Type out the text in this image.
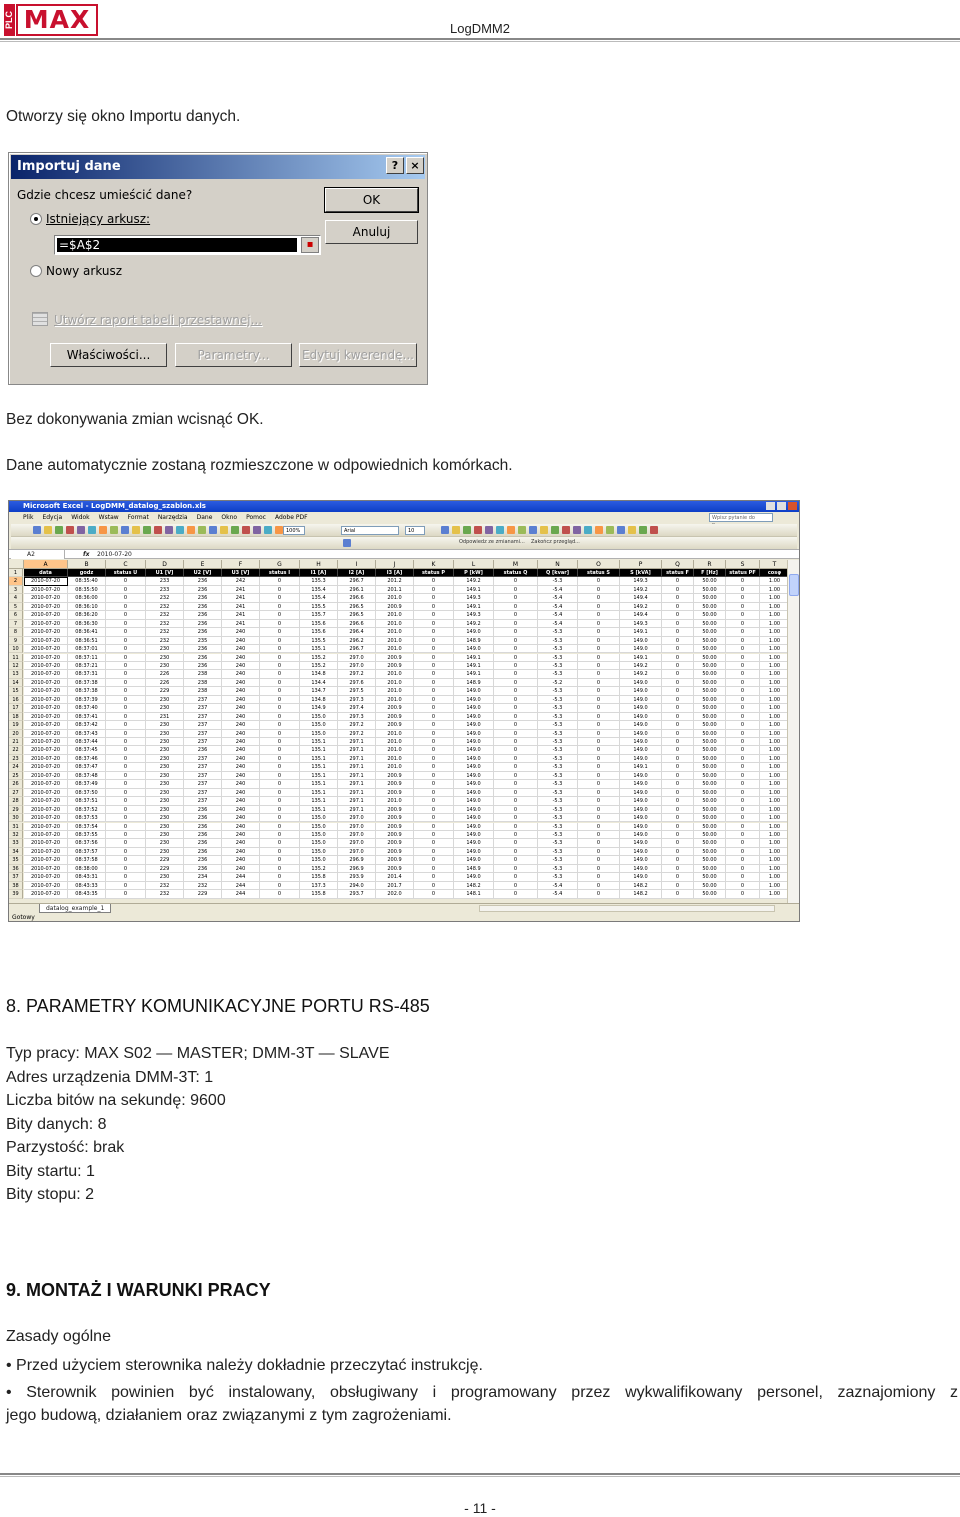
PLC MAX	LogDMM2
Otworzy się okno Importu danych.
Importuj dane	?	×
Gdzie chcesz umieścić dane?
Istniejący arkusz:
=$A$2	▪
Nowy arkusz
Utwórz raport tabeli przestawnej...
OK
Anuluj
Właściwości...	Parametry...	Edytuj kwerendę...
Bez dokonywania zmian wcisnąć OK.
Dane automatycznie zostaną rozmieszczone w odpowiednich komórkach.
Microsoft Excel - LogDMM_datalog_szablon.xls
Plik Edycja Widok Wstaw Format Narzędzia Dane Okno Pomoc Adobe PDF	Wpisz pytanie do
100%	Arial	10
Odpowiedz ze zmianami... Zakończ przegląd...
A2	fx 2010-07-20
A	B	C	D	E	F	G	H	I	J	K	L	M	N	O	P	Q	R	S	T
1	data	godz	status U	U1 [V]	U2 [V]	U3 [V]	status I	I1 [A]	I2 [A]	I3 [A]	status P	P [kW]	status Q	Q [kvar]	status S	S [kVA]	status F	F [Hz]	status PF	cosφ
2	2010-07-20	08:35:40	0	233	236	242	0	135.3	296.7	201.2	0	149.2	0	-5.3	0	149.3	0	50.00	0	1.00
3	2010-07-20	08:35:50	0	233	236	241	0	135.4	296.1	201.1	0	149.1	0	-5.4	0	149.2	0	50.00	0	1.00
4	2010-07-20	08:36:00	0	232	236	241	0	135.4	296.6	201.0	0	149.3	0	-5.4	0	149.4	0	50.00	0	1.00
5	2010-07-20	08:36:10	0	232	236	241	0	135.5	296.5	200.9	0	149.1	0	-5.4	0	149.2	0	50.00	0	1.00
6	2010-07-20	08:36:20	0	232	236	241	0	135.7	296.5	201.0	0	149.3	0	-5.4	0	149.4	0	50.00	0	1.00
7	2010-07-20	08:36:30	0	232	236	241	0	135.6	296.6	201.0	0	149.2	0	-5.4	0	149.3	0	50.00	0	1.00
8	2010-07-20	08:36:41	0	232	236	240	0	135.6	296.4	201.0	0	149.0	0	-5.3	0	149.1	0	50.00	0	1.00
9	2010-07-20	08:36:51	0	232	235	240	0	135.5	296.2	201.0	0	148.9	0	-5.3	0	149.0	0	50.00	0	1.00
10	2010-07-20	08:37:01	0	230	236	240	0	135.1	296.7	201.0	0	149.0	0	-5.3	0	149.0	0	50.00	0	1.00
11	2010-07-20	08:37:11	0	230	236	240	0	135.2	297.0	200.9	0	149.1	0	-5.3	0	149.1	0	50.00	0	1.00
12	2010-07-20	08:37:21	0	230	236	240	0	135.2	297.0	200.9	0	149.1	0	-5.3	0	149.2	0	50.00	0	1.00
13	2010-07-20	08:37:31	0	226	238	240	0	134.8	297.2	201.0	0	149.1	0	-5.3	0	149.2	0	50.00	0	1.00
14	2010-07-20	08:37:38	0	226	238	240	0	134.4	297.6	201.0	0	148.9	0	-5.2	0	149.0	0	50.00	0	1.00
15	2010-07-20	08:37:38	0	229	238	240	0	134.7	297.5	201.0	0	149.0	0	-5.3	0	149.0	0	50.00	0	1.00
16	2010-07-20	08:37:39	0	230	237	240	0	134.8	297.3	201.0	0	149.0	0	-5.3	0	149.0	0	50.00	0	1.00
17	2010-07-20	08:37:40	0	230	237	240	0	134.9	297.4	200.9	0	149.0	0	-5.3	0	149.0	0	50.00	0	1.00
18	2010-07-20	08:37:41	0	231	237	240	0	135.0	297.3	200.9	0	149.0	0	-5.3	0	149.0	0	50.00	0	1.00
19	2010-07-20	08:37:42	0	230	237	240	0	135.0	297.2	200.9	0	149.0	0	-5.3	0	149.0	0	50.00	0	1.00
20	2010-07-20	08:37:43	0	230	237	240	0	135.0	297.2	201.0	0	149.0	0	-5.3	0	149.0	0	50.00	0	1.00
21	2010-07-20	08:37:44	0	230	237	240	0	135.1	297.1	201.0	0	149.0	0	-5.3	0	149.0	0	50.00	0	1.00
22	2010-07-20	08:37:45	0	230	236	240	0	135.1	297.1	201.0	0	149.0	0	-5.3	0	149.0	0	50.00	0	1.00
23	2010-07-20	08:37:46	0	230	237	240	0	135.1	297.1	201.0	0	149.0	0	-5.3	0	149.0	0	50.00	0	1.00
24	2010-07-20	08:37:47	0	230	237	240	0	135.1	297.1	201.0	0	149.0	0	-5.3	0	149.1	0	50.00	0	1.00
25	2010-07-20	08:37:48	0	230	237	240	0	135.1	297.1	200.9	0	149.0	0	-5.3	0	149.0	0	50.00	0	1.00
26	2010-07-20	08:37:49	0	230	237	240	0	135.1	297.1	200.9	0	149.0	0	-5.3	0	149.0	0	50.00	0	1.00
27	2010-07-20	08:37:50	0	230	237	240	0	135.1	297.1	200.9	0	149.0	0	-5.3	0	149.0	0	50.00	0	1.00
28	2010-07-20	08:37:51	0	230	237	240	0	135.1	297.1	201.0	0	149.0	0	-5.3	0	149.0	0	50.00	0	1.00
29	2010-07-20	08:37:52	0	230	236	240	0	135.1	297.1	200.9	0	149.0	0	-5.3	0	149.0	0	50.00	0	1.00
30	2010-07-20	08:37:53	0	230	236	240	0	135.0	297.0	200.9	0	149.0	0	-5.3	0	149.0	0	50.00	0	1.00
31	2010-07-20	08:37:54	0	230	236	240	0	135.0	297.0	200.9	0	149.0	0	-5.3	0	149.0	0	50.00	0	1.00
32	2010-07-20	08:37:55	0	230	236	240	0	135.0	297.0	200.9	0	149.0	0	-5.3	0	149.0	0	50.00	0	1.00
33	2010-07-20	08:37:56	0	230	236	240	0	135.0	297.0	200.9	0	149.0	0	-5.3	0	149.0	0	50.00	0	1.00
34	2010-07-20	08:37:57	0	230	236	240	0	135.0	297.0	200.9	0	149.0	0	-5.3	0	149.0	0	50.00	0	1.00
35	2010-07-20	08:37:58	0	229	236	240	0	135.0	296.9	200.9	0	149.0	0	-5.3	0	149.0	0	50.00	0	1.00
36	2010-07-20	08:38:00	0	229	236	240	0	135.2	296.9	200.9	0	148.9	0	-5.3	0	149.0	0	50.00	0	1.00
37	2010-07-20	08:43:31	0	230	234	244	0	135.8	293.9	201.4	0	149.0	0	-5.3	0	149.0	0	50.00	0	1.00
38	2010-07-20	08:43:33	0	232	232	244	0	137.3	294.0	201.7	0	148.2	0	-5.4	0	148.2	0	50.00	0	1.00
39	2010-07-20	08:43:35	0	232	229	244	0	135.8	293.7	202.0	0	148.1	0	-5.4	0	148.2	0	50.00	0	1.00
datalog_example_1
Gotowy
8. PARAMETRY KOMUNIKACYJNE PORTU RS-485
Typ pracy: MAX S02 — MASTER; DMM-3T — SLAVE
Adres urządzenia DMM-3T: 1
Liczba bitów na sekundę: 9600
Bity danych: 8
Parzystość: brak
Bity startu: 1
Bity stopu: 2
9. MONTAŻ I WARUNKI PRACY
Zasady ogólne
• Przed użyciem sterownika należy dokładnie przeczytać instrukcję.
• Sterownik powinien być instalowany, obsługiwany i programowany przez wykwalifikowany personel, zaznajomiony z
jego budową, działaniem oraz związanymi z tym zagrożeniami.
- 11 -
